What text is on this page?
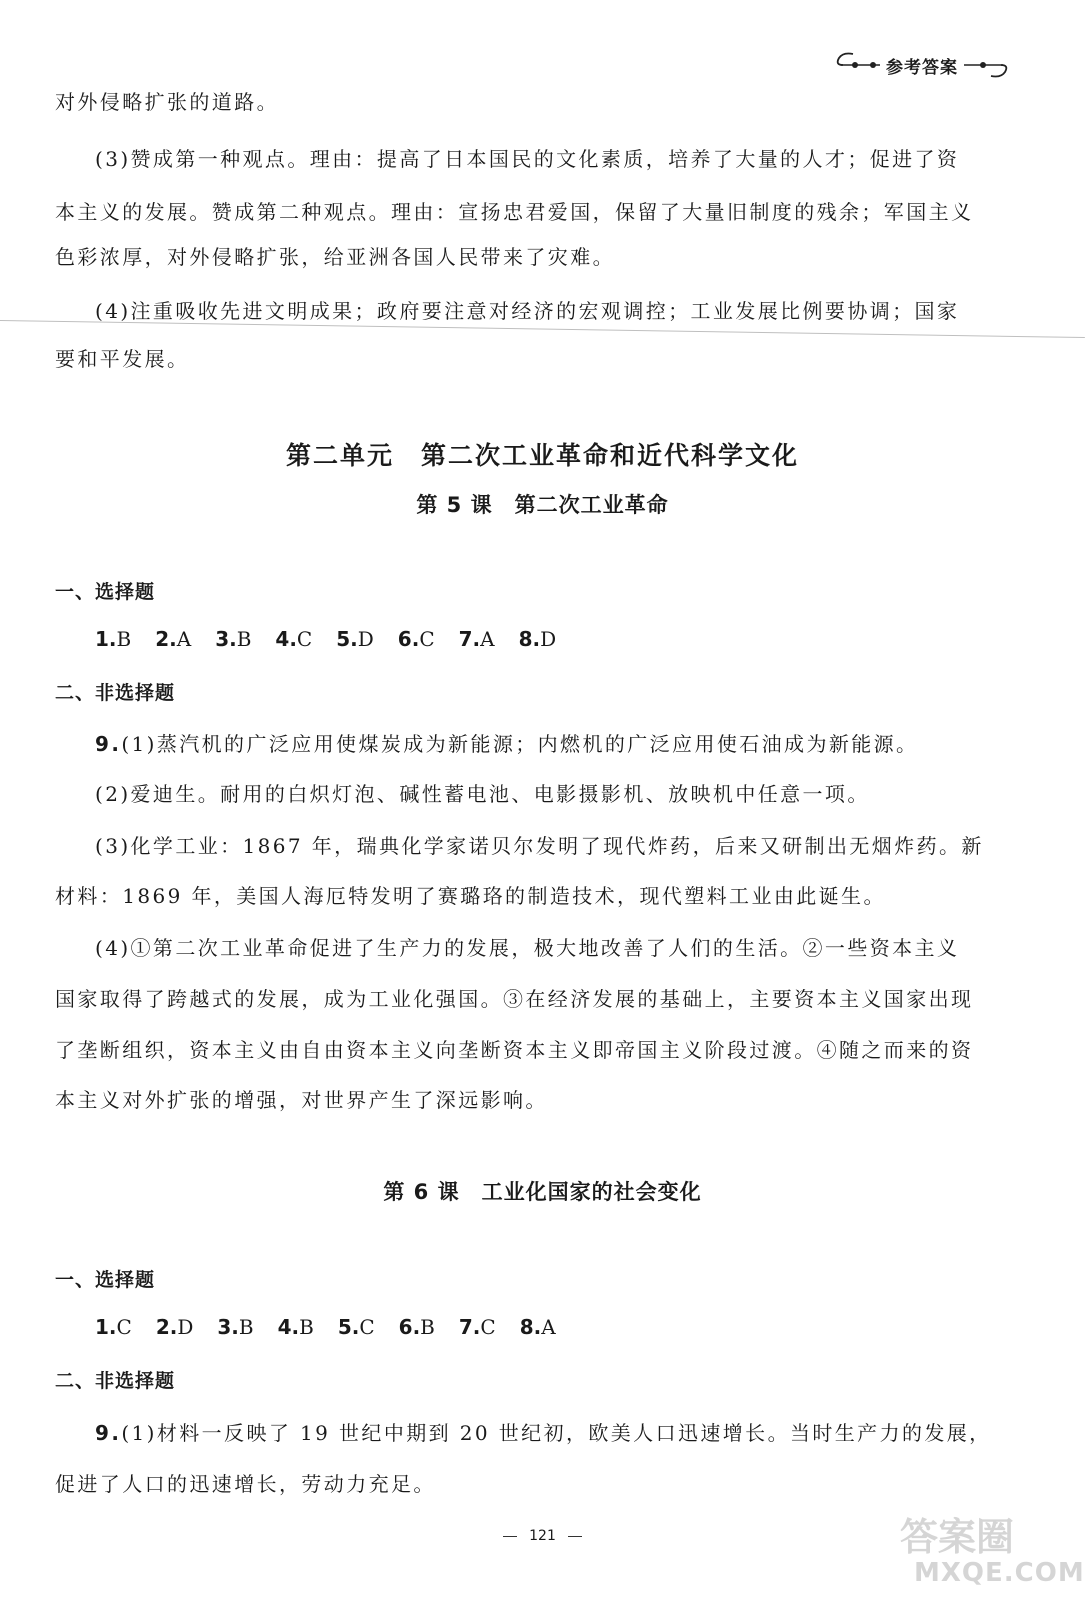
参考答案
对外侵略扩张的道路。
(3)赞成第一种观点。理由：提高了日本国民的文化素质，培养了大量的人才；促进了资
本主义的发展。赞成第二种观点。理由：宣扬忠君爱国，保留了大量旧制度的残余；军国主义
色彩浓厚，对外侵略扩张，给亚洲各国人民带来了灾难。
(4)注重吸收先进文明成果；政府要注意对经济的宏观调控；工业发展比例要协调；国家
要和平发展。
第二单元　第二次工业革命和近代科学文化
第 5 课　第二次工业革命
一、选择题
1.B 2.A 3.B 4.C 5.D 6.C 7.A 8.D
二、非选择题
9.(1)蒸汽机的广泛应用使煤炭成为新能源；内燃机的广泛应用使石油成为新能源。
(2)爱迪生。耐用的白炽灯泡、碱性蓄电池、电影摄影机、放映机中任意一项。
(3)化学工业：1867 年，瑞典化学家诺贝尔发明了现代炸药，后来又研制出无烟炸药。新
材料：1869 年，美国人海厄特发明了赛璐珞的制造技术，现代塑料工业由此诞生。
(4)①第二次工业革命促进了生产力的发展，极大地改善了人们的生活。②一些资本主义
国家取得了跨越式的发展，成为工业化强国。③在经济发展的基础上，主要资本主义国家出现
了垄断组织，资本主义由自由资本主义向垄断资本主义即帝国主义阶段过渡。④随之而来的资
本主义对外扩张的增强，对世界产生了深远影响。
第 6 课　工业化国家的社会变化
一、选择题
1.C 2.D 3.B 4.B 5.C 6.B 7.C 8.A
二、非选择题
9.(1)材料一反映了 19 世纪中期到 20 世纪初，欧美人口迅速增长。当时生产力的发展，
促进了人口的迅速增长，劳动力充足。
121	答案圈
MXQE.COM
